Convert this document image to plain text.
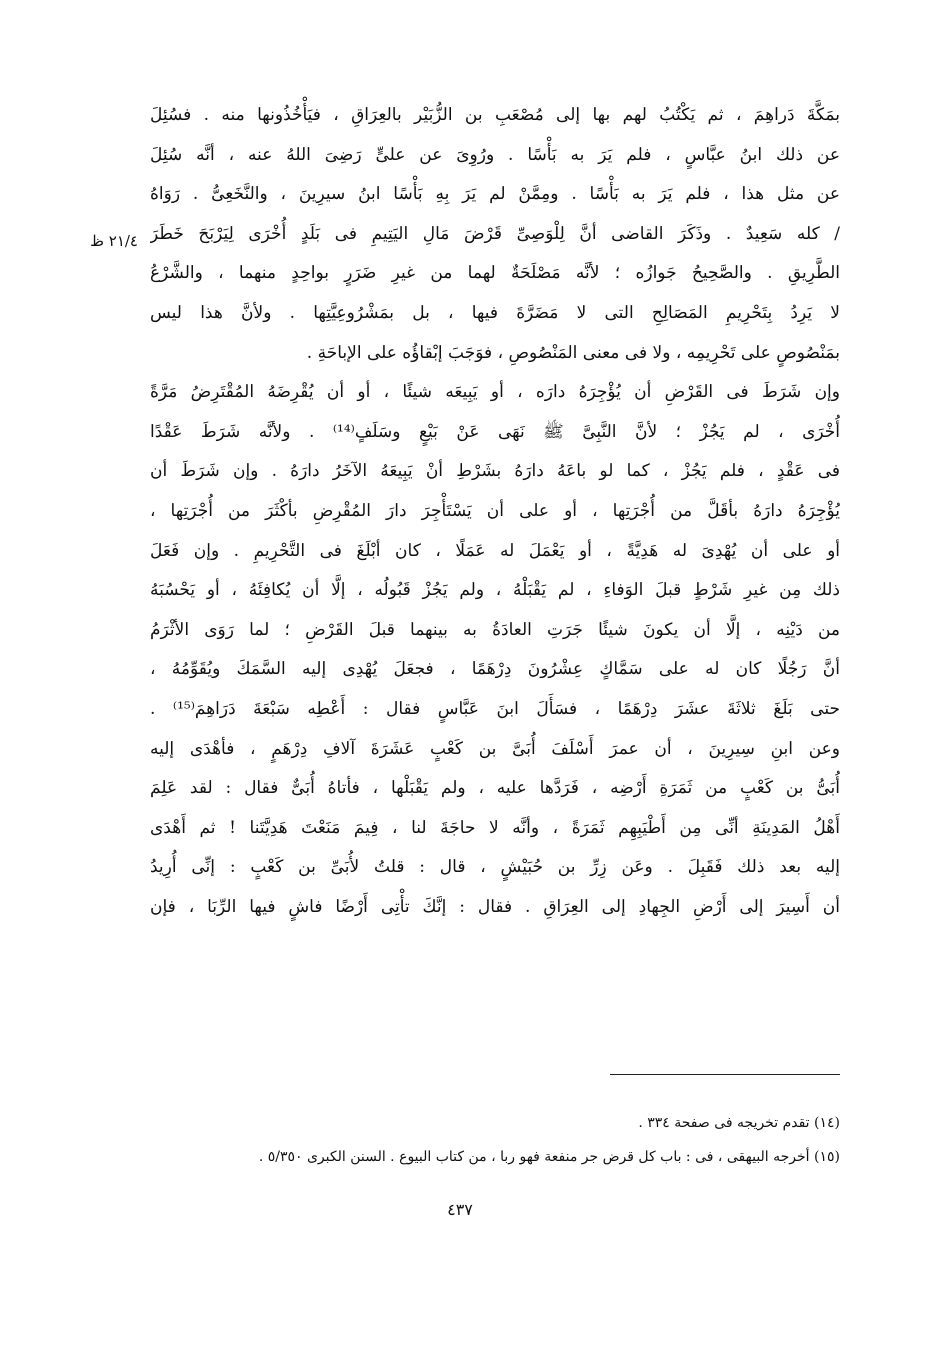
٢١/٤ ظ
بمَكَّةَ دَراهِمَ ، ثم يَكْتُبُ لهم بها إلى مُصْعَبِ بن الزُّبَيْر بالعِرَاقِ ، فيَأْخُذُونها منه . فسُئِلَ
عن ذلك ابنُ عبَّاسٍ ، فلم يَرَ به بَأْسًا . ورُوِىَ عن علىٍّ رَضِىَ اللهُ عنه ، أنَّه سُئِلَ
عن مثل هذا ، فلم يَرَ به بَأْسًا . ومِمَّنْ لم يَرَ بِهِ بَأْسًا ابنُ سيرِينَ ، والنَّخَعِىُّ . رَوَاهُ
/ كله سَعِيدٌ . وذَكَرَ القاضى أنَّ لِلْوَصِىِّ قَرْضَ مَالِ اليَتِيمِ فى بَلَدٍ أُخْرَى لِيَرْبَحَ خَطَرَ
الطَّرِيقِ . والصَّحِيحُ جَوازُه ؛ لأنَّه مَصْلَحَةٌ لهما من غيرِ ضَرَرٍ بواحِدٍ منهما ، والشَّرْعُ
لا يَرِدُ بِتَحْرِيمِ المَصَالِحِ التى لا مَضَرَّةَ فيها ، بل بمَشْرُوعِيَّتِها . ولأنَّ هذا ليس
بمَنْصُوصٍ على تَحْرِيمِه ، ولا فى معنى المَنْصُوصِ ، فوَجَبَ إبْقاؤُه على الإباحَةِ .
وإن شَرَطَ فى القَرْضِ أن يُؤْجِرَهُ دارَه ، أو يَبِيعَه شيئًا ، أو أن يُقْرِضَهُ المُقْتَرِضُ مَرَّةً
أُخْرَى ، لم يَجُزْ ؛ لأنَّ النَّبِىَّ ﷺ نَهَى عَنْ بَيْعٍ وسَلَفٍ⁽¹⁴⁾ . ولأنَّه شَرَطَ عَقْدًا
فى عَقْدٍ ، فلم يَجُزْ ، كما لو باعَهُ دارَهُ بشَرْطِ أنْ يَبِيعَهُ الآخَرُ دارَهُ . وإن شَرَطَ أن
يُؤْجِرَهُ دارَهُ بأقَلَّ من أُجْرَتِها ، أو على أن يَسْتَأْجِرَ دارَ المُقْرِضِ بأكْثَرَ من أُجْرَتِها ،
أو على أن يُهْدِىَ له هَدِيَّةً ، أو يَعْمَلَ له عَمَلًا ، كان أبْلَغَ فى التَّحْرِيمِ . وإن فَعَلَ
ذلك مِن غيرِ شَرْطٍ قبلَ الوَفاءِ ، لم يَقْبَلْهُ ، ولم يَجُزْ قَبُولُه ، إلَّا أن يُكافِئَهُ ، أو يَحْسُبَهُ
من دَيْنِه ، إلَّا أن يكونَ شيئًا جَرَتِ العادَةُ به بينهما قبلَ القَرْضِ ؛ لما رَوَى الأثْرَمُ
أنَّ رَجُلًا كان له على سَمَّاكٍ عِشْرُونَ دِرْهَمًا ، فجعَلَ يُهْدِى إليه السَّمَكَ ويُقَوِّمُهُ ،
حتى بَلَغَ ثلاثَةَ عشَرَ دِرْهَمًا ، فسَأَلَ ابنَ عَبَّاسٍ فقال : أَعْطِه سَبْعَةَ دَرَاهِمَ⁽¹⁵⁾ .
وعن ابنِ سِيرِينَ ، أن عمرَ أَسْلَفَ أُبَىَّ بن كَعْبٍ عَشَرَةَ آلافِ دِرْهَمٍ ، فأهْدَى إليه
أُبَىُّ بن كَعْبٍ من ثَمَرَةِ أَرْضِه ، فَرَدَّها عليه ، ولم يَقْبَلْها ، فأتاهُ أُبَىٌّ فقال : لقد عَلِمَ
أَهْلُ المَدِينَةِ أنِّى مِن أَطْيَبِهِم ثَمَرَةً ، وأنَّه لا حاجَةَ لنا ، فِيمَ مَنَعْتَ هَدِيَّتَنا ! ثم أَهْدَى
إليه بعد ذلك فَقَبِلَ . وعَن زِرِّ بن حُبَيْشٍ ، قال : قلتُ لأُبَىِّ بن كَعْبٍ : إنِّى أُرِيدُ
أن أَسِيرَ إلى أَرْضِ الجِهادِ إلى العِرَاقِ . فقال : إنَّكَ تأْتِى أَرْضًا فاشٍ فيها الرِّبَا ، فإن
(١٤) تقدم تخريجه فى صفحة ٣٣٤ .
(١٥) أخرجه البيهقى ، فى : باب كل قرض جر منفعة فهو ربا ، من كتاب البيوع . السنن الكبرى ٥/٣٥٠ .
٤٣٧
